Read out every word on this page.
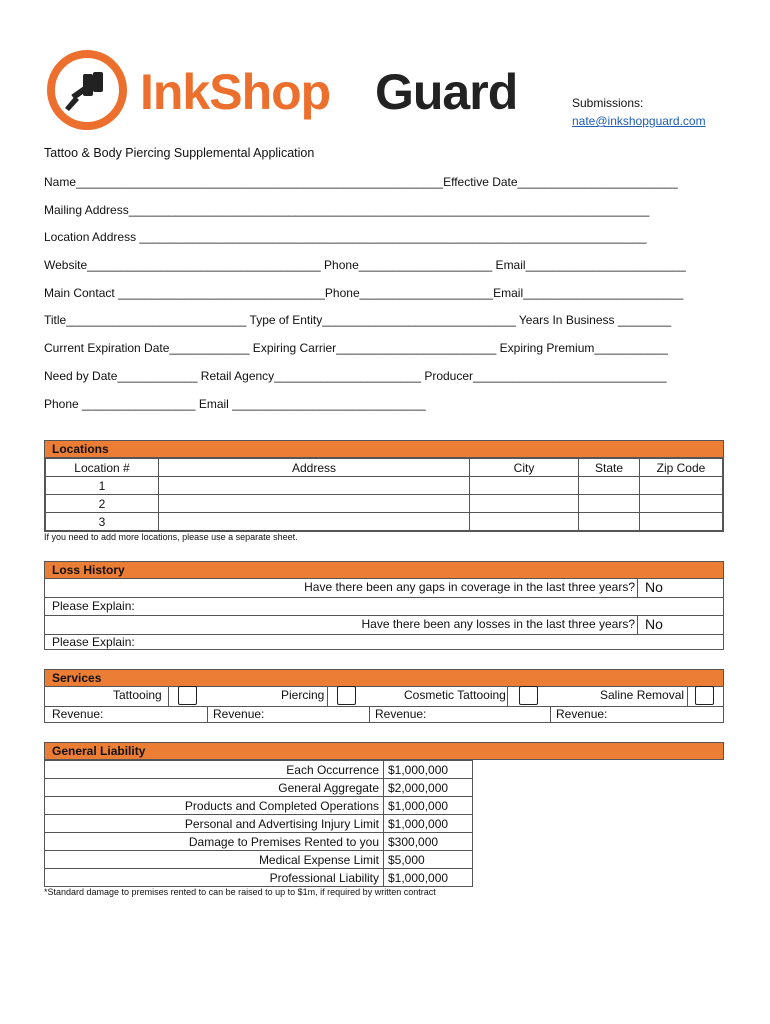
InkShop Guard	Submissions:
nate@inkshopguard.com
Tattoo & Body Piercing Supplemental Application
Name_______________________________________________________Effective Date________________________
Mailing Address______________________________________________________________________________
Location Address ____________________________________________________________________________
Website___________________________________ Phone____________________ Email________________________
Main Contact _______________________________Phone____________________Email________________________
Title___________________________ Type of Entity_____________________________ Years In Business ________
Current Expiration Date____________ Expiring Carrier________________________ Expiring Premium___________
Need by Date____________ Retail Agency______________________ Producer_____________________________
Phone _________________ Email _____________________________
Locations
Location #	Address	City	State	Zip Code
1				
2				
3				
If you need to add more locations, please use a separate sheet.
Loss History
Have there been any gaps in coverage in the last three years? No
Please Explain:
Have there been any losses in the last three years? No
Please Explain:
Services
Tattooing	Piercing	Cosmetic Tattooing	Saline Removal
Revenue:	Revenue:	Revenue:	Revenue:
General Liability
Each Occurrence	$1,000,000	
General Aggregate	$2,000,000	
Products and Completed Operations	$1,000,000	
Personal and Advertising Injury Limit	$1,000,000	
Damage to Premises Rented to you	$300,000	
Medical Expense Limit	$5,000	
Professional Liability	$1,000,000	
*Standard damage to premises rented to can be raised to up to $1m, if required by written contract
